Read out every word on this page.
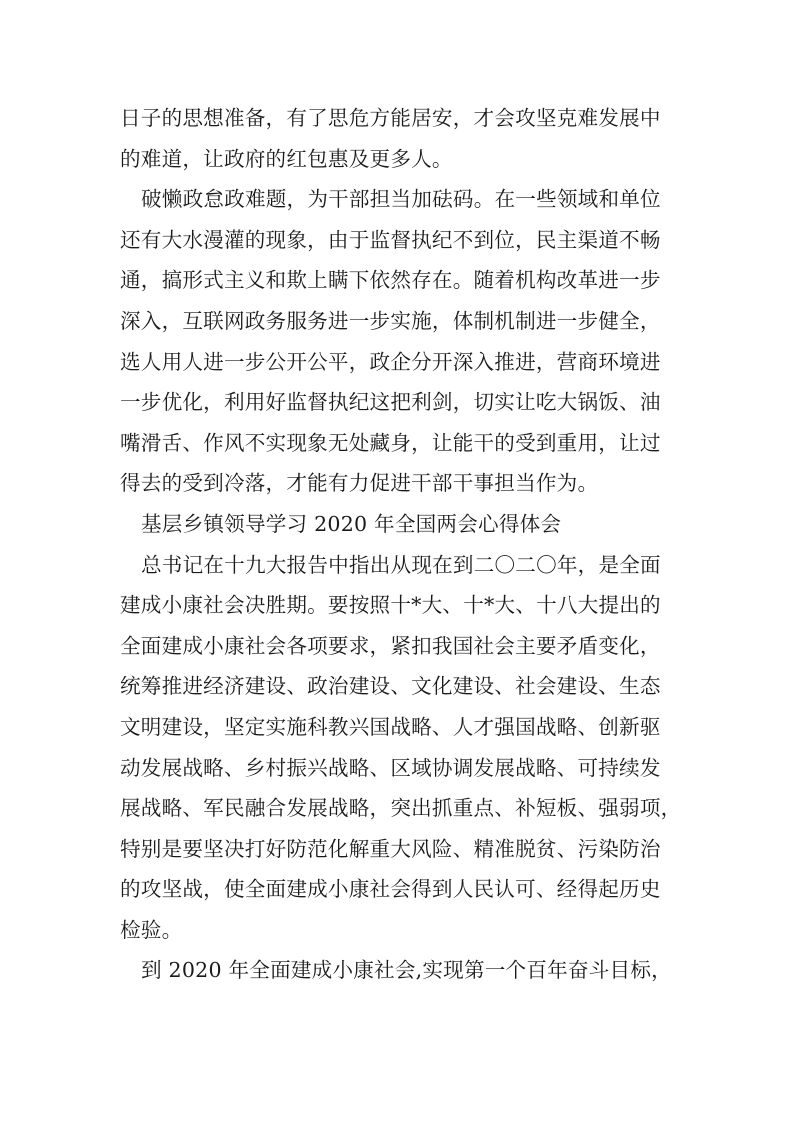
日子的思想准备，有了思危方能居安，才会攻坚克难发展中
的难道，让政府的红包惠及更多人。
破懒政怠政难题，为干部担当加砝码。在一些领域和单位
还有大水漫灌的现象，由于监督执纪不到位，民主渠道不畅
通，搞形式主义和欺上瞒下依然存在。随着机构改革进一步
深入，互联网政务服务进一步实施，体制机制进一步健全，
选人用人进一步公开公平，政企分开深入推进，营商环境进
一步优化，利用好监督执纪这把利剑，切实让吃大锅饭、油
嘴滑舌、作风不实现象无处藏身，让能干的受到重用，让过
得去的受到冷落，才能有力促进干部干事担当作为。
基层乡镇领导学习 2020 年全国两会心得体会
总书记在十九大报告中指出从现在到二〇二〇年，是全面
建成小康社会决胜期。要按照十*大、十*大、十八大提出的
全面建成小康社会各项要求，紧扣我国社会主要矛盾变化，
统筹推进经济建设、政治建设、文化建设、社会建设、生态
文明建设，坚定实施科教兴国战略、人才强国战略、创新驱
动发展战略、乡村振兴战略、区域协调发展战略、可持续发
展战略、军民融合发展战略，突出抓重点、补短板、强弱项，
特别是要坚决打好防范化解重大风险、精准脱贫、污染防治
的攻坚战，使全面建成小康社会得到人民认可、经得起历史
检验。
到 2020 年全面建成小康社会,实现第一个百年奋斗目标，
